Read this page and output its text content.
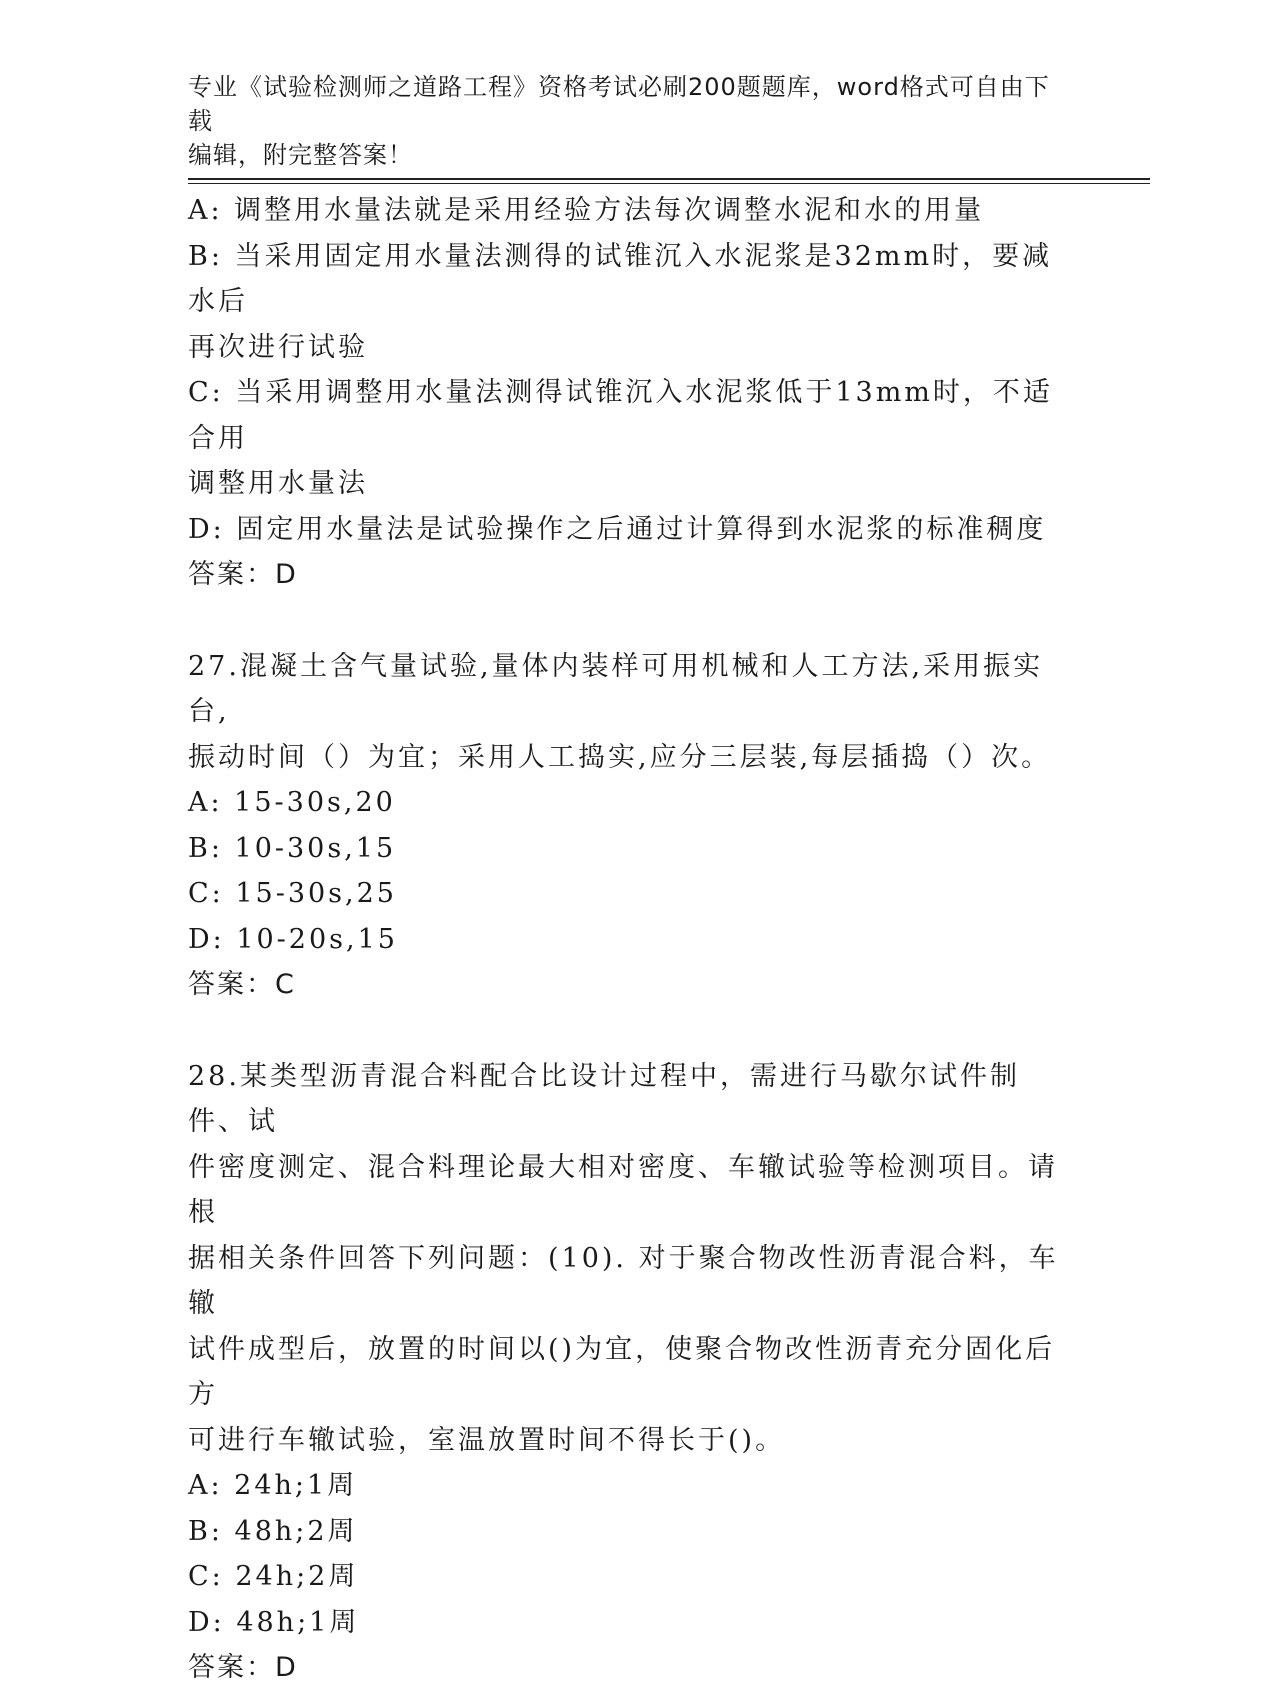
专业《试验检测师之道路工程》资格考试必刷200题题库，word格式可自由下载
编辑，附完整答案！
A: 调整用水量法就是采用经验方法每次调整水泥和水的用量
B: 当采用固定用水量法测得的试锥沉入水泥浆是32mm时，要减水后
再次进行试验
C: 当采用调整用水量法测得试锥沉入水泥浆低于13mm时，不适合用
调整用水量法
D: 固定用水量法是试验操作之后通过计算得到水泥浆的标准稠度
答案：D
27.混凝土含气量试验,量体内装样可用机械和人工方法,采用振实台,
振动时间（）为宜；采用人工捣实,应分三层装,每层插捣（）次。
A: 15-30s,20
B: 10-30s,15
C: 15-30s,25
D: 10-20s,15
答案：C
28.某类型沥青混合料配合比设计过程中，需进行马歇尔试件制件、试
件密度测定、混合料理论最大相对密度、车辙试验等检测项目。请根
据相关条件回答下列问题：(10). 对于聚合物改性沥青混合料，车辙
试件成型后，放置的时间以()为宜，使聚合物改性沥青充分固化后方
可进行车辙试验，室温放置时间不得长于()。
A: 24h;1周
B: 48h;2周
C: 24h;2周
D: 48h;1周
答案：D
